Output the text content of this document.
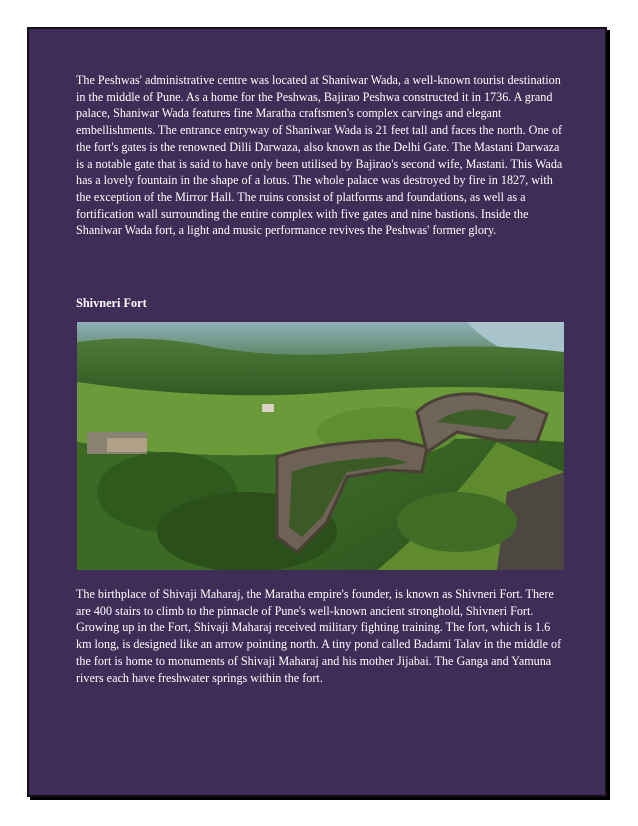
The Peshwas' administrative centre was located at Shaniwar Wada, a well-known tourist destination in the middle of Pune. As a home for the Peshwas, Bajirao Peshwa constructed it in 1736. A grand palace, Shaniwar Wada features fine Maratha craftsmen's complex carvings and elegant embellishments. The entrance entryway of Shaniwar Wada is 21 feet tall and faces the north. One of the fort's gates is the renowned Dilli Darwaza, also known as the Delhi Gate. The Mastani Darwaza is a notable gate that is said to have only been utilised by Bajirao's second wife, Mastani. This Wada has a lovely fountain in the shape of a lotus. The whole palace was destroyed by fire in 1827, with the exception of the Mirror Hall. The ruins consist of platforms and foundations, as well as a fortification wall surrounding the entire complex with five gates and nine bastions. Inside the Shaniwar Wada fort, a light and music performance revives the Peshwas' former glory.

Shivneri Fort

The birthplace of Shivaji Maharaj, the Maratha empire's founder, is known as Shivneri Fort. There are 400 stairs to climb to the pinnacle of Pune's well-known ancient stronghold, Shivneri Fort. Growing up in the Fort, Shivaji Maharaj received military fighting training. The fort, which is 1.6 km long, is designed like an arrow pointing north. A tiny pond called Badami Talav in the middle of the fort is home to monuments of Shivaji Maharaj and his mother Jijabai. The Ganga and Yamuna rivers each have freshwater springs within the fort.
